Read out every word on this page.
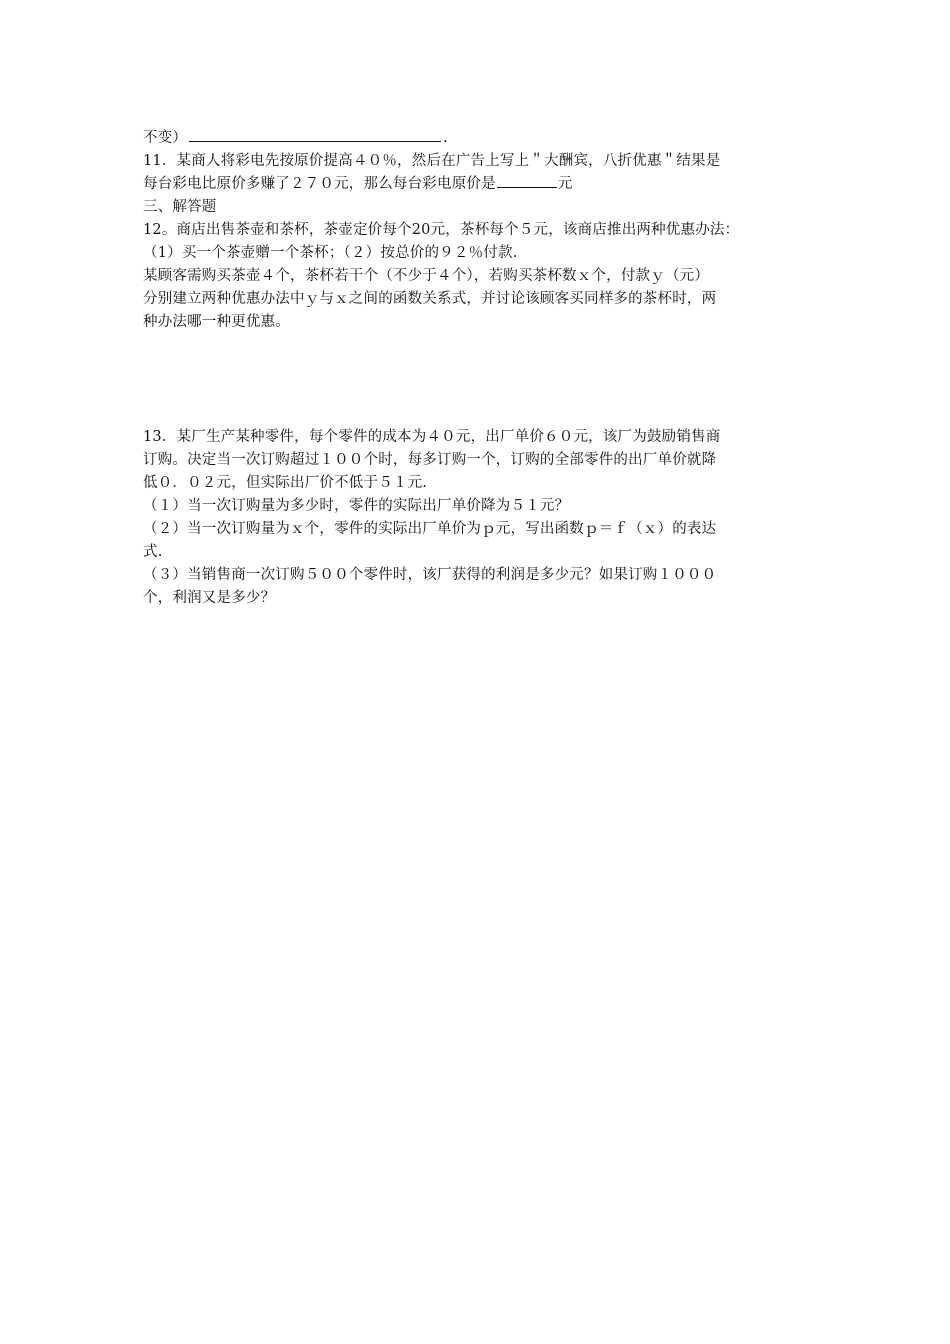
不变）	.
11．某商人将彩电先按原价提高４０％，然后在广告上写上＂大酬宾，八折优惠＂结果是
每台彩电比原价多赚了２７０元，那么每台彩电原价是	元
三、解答题
12。商店出售茶壶和茶杯，茶壶定价每个20元，茶杯每个５元，该商店推出两种优惠办法：
（1）买一个茶壶赠一个茶杯；（２）按总价的９２％付款.
某顾客需购买茶壶４个，茶杯若干个（不少于４个），若购买茶杯数ｘ个，付款ｙ（元）
分别建立两种优惠办法中ｙ与ｘ之间的函数关系式，并讨论该顾客买同样多的茶杯时，两
种办法哪一种更优惠。
13．某厂生产某种零件，每个零件的成本为４０元，出厂单价６０元，该厂为鼓励销售商
订购。决定当一次订购超过１００个时，每多订购一个，订购的全部零件的出厂单价就降
低０．０２元，但实际出厂价不低于５１元.
（１）当一次订购量为多少时，零件的实际出厂单价降为５１元？
（２）当一次订购量为ｘ个，零件的实际出厂单价为ｐ元，写出函数ｐ＝ｆ（ｘ）的表达
式.
（３）当销售商一次订购５００个零件时，该厂获得的利润是多少元？如果订购１０００
个，利润又是多少？
